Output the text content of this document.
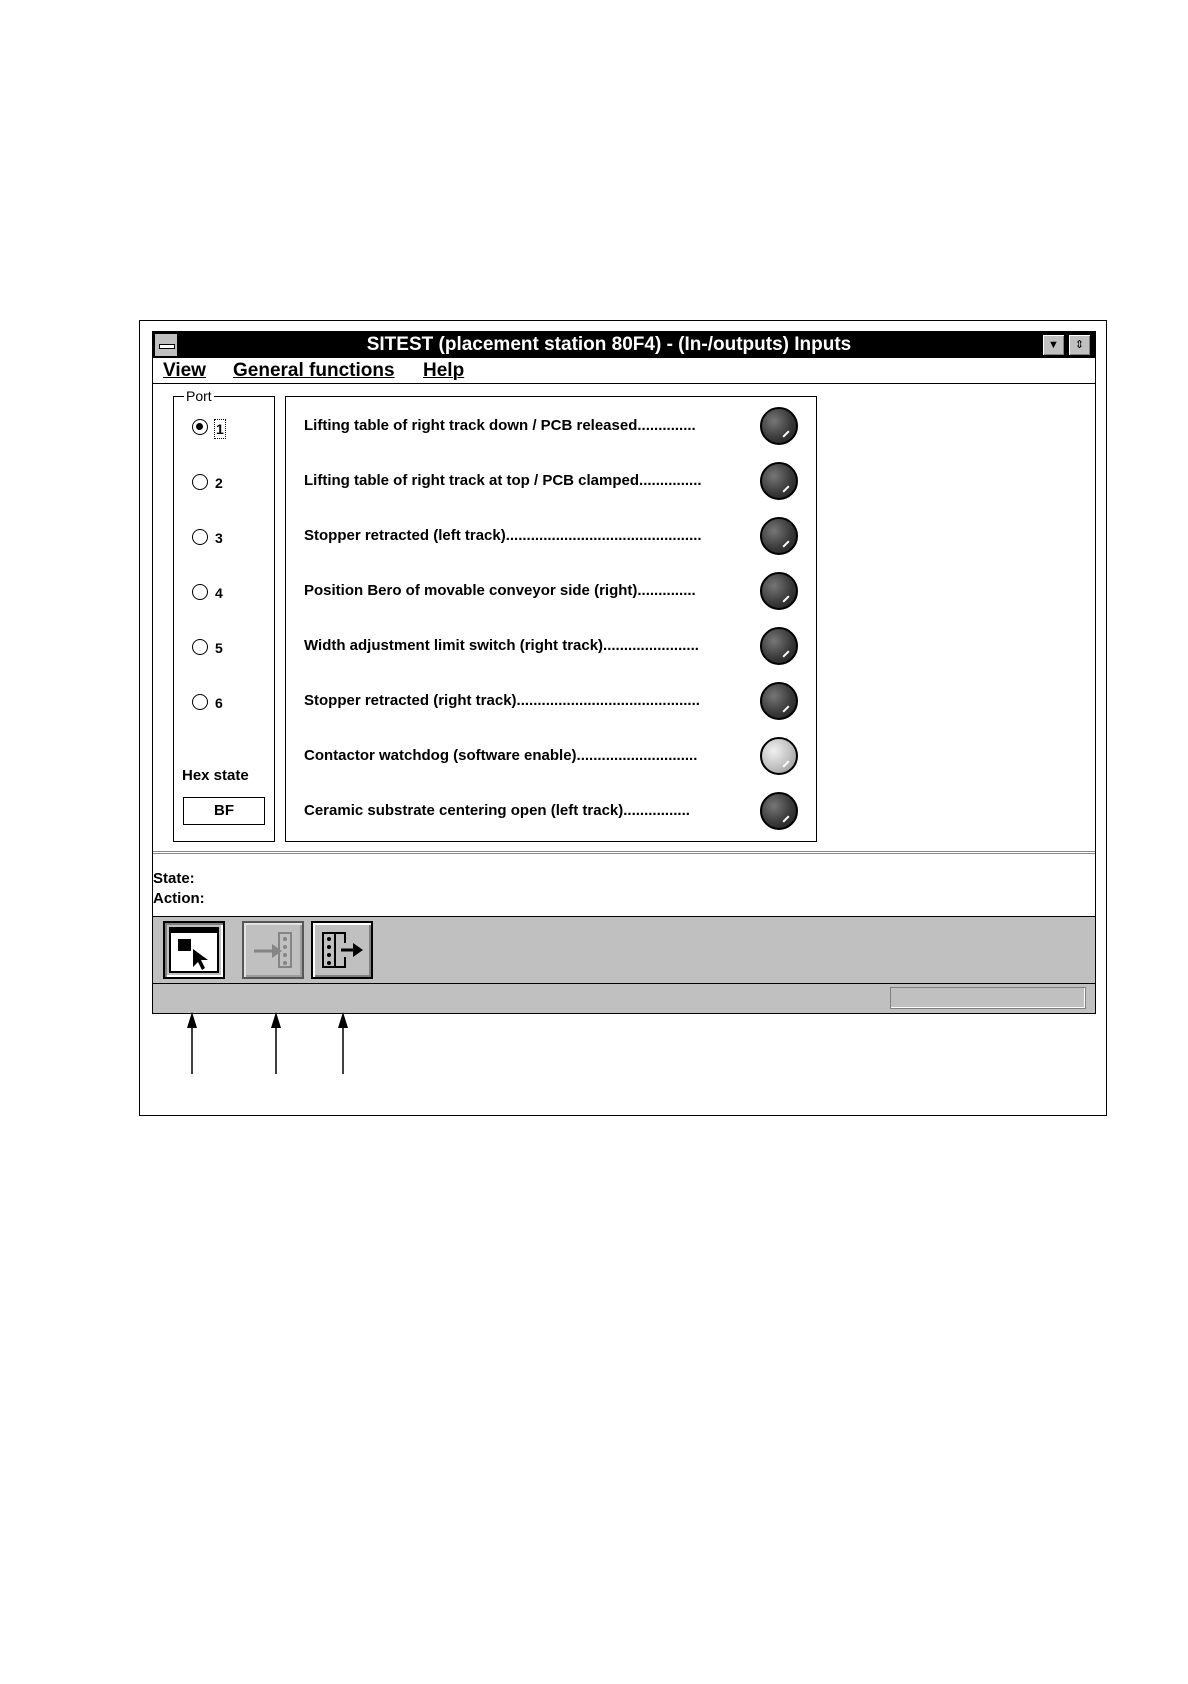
SITEST (placement station 80F4) - (In-/outputs) Inputs	▼	⇕
View General functions Help
Port
1
2
3
4
5
6
Hex state
BF
Lifting table of right track down / PCB released..............
Lifting table of right track at top / PCB clamped...............
Stopper retracted (left track)...............................................
Position Bero of movable conveyor side (right)..............
Width adjustment limit switch (right track).......................
Stopper retracted (right track)............................................
Contactor watchdog (software enable).............................
Ceramic substrate centering open (left track)................
State:
Action:
